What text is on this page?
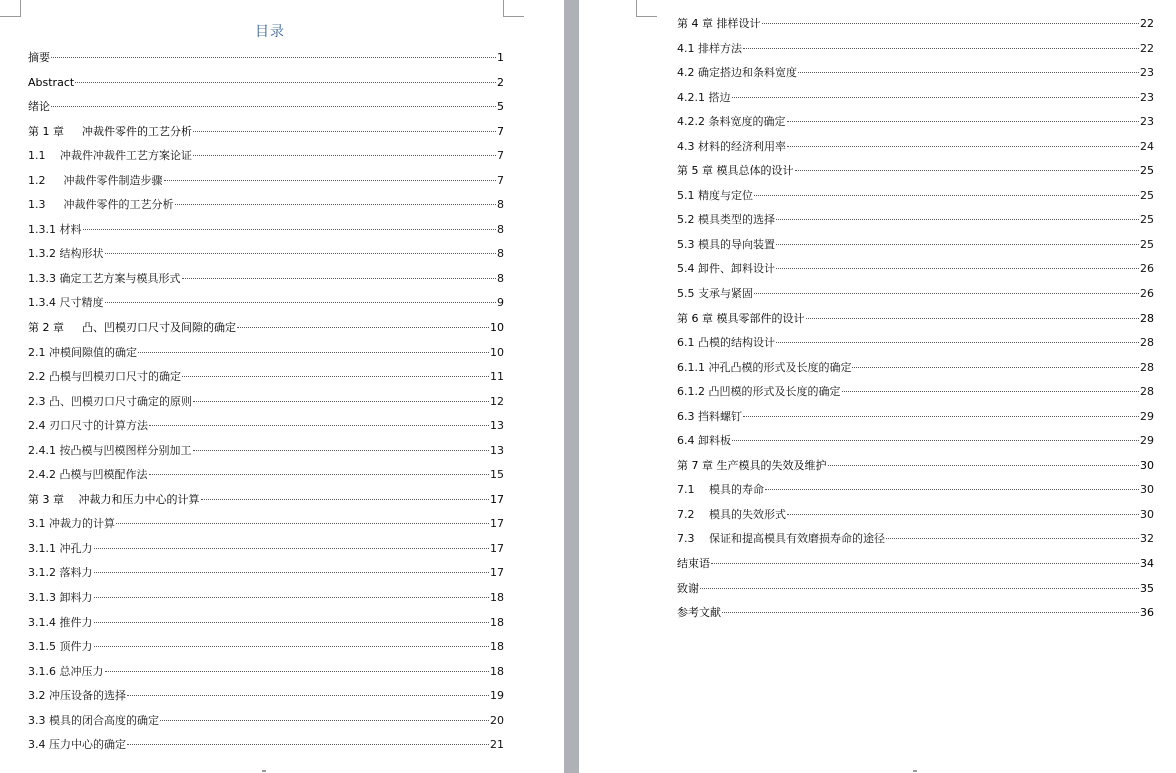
目录
摘要	1
Abstract	2
绪论	5
第 1 章 　 冲裁件零件的工艺分析	7
1.1 　冲裁件冲裁件工艺方案论证	7
1.2 　 冲裁件零件制造步骤	7
1.3 　 冲裁件零件的工艺分析	8
1.3.1 材料	8
1.3.2 结构形状	8
1.3.3 确定工艺方案与模具形式	8
1.3.4 尺寸精度	9
第 2 章 　 凸、凹模刃口尺寸及间隙的确定	10
2.1 冲模间隙值的确定	10
2.2 凸模与凹模刃口尺寸的确定	11
2.3 凸、凹模刃口尺寸确定的原则	12
2.4 刃口尺寸的计算方法	13
2.4.1 按凸模与凹模图样分别加工	13
2.4.2 凸模与凹模配作法	15
第 3 章 　冲裁力和压力中心的计算	17
3.1 冲裁力的计算	17
3.1.1 冲孔力	17
3.1.2 落料力	17
3.1.3 卸料力	18
3.1.4 推件力	18
3.1.5 顶件力	18
3.1.6 总冲压力	18
3.2 冲压设备的选择	19
3.3 模具的闭合高度的确定	20
3.4 压力中心的确定	21
第 4 章 排样设计	22
4.1 排样方法	22
4.2 确定搭边和条料宽度	23
4.2.1 搭边	23
4.2.2 条料宽度的确定	23
4.3 材料的经济利用率	24
第 5 章 模具总体的设计	25
5.1 精度与定位	25
5.2 模具类型的选择	25
5.3 模具的导向装置	25
5.4 卸件、卸料设计	26
5.5 支承与紧固	26
第 6 章 模具零部件的设计	28
6.1 凸模的结构设计	28
6.1.1 冲孔凸模的形式及长度的确定	28
6.1.2 凸凹模的形式及长度的确定	28
6.3 挡料螺钉	29
6.4 卸料板	29
第 7 章 生产模具的失效及维护	30
7.1 　模具的寿命	30
7.2 　模具的失效形式	30
7.3 　保证和提高模具有效磨损寿命的途径	32
结束语	34
致谢	35
参考文献	36
